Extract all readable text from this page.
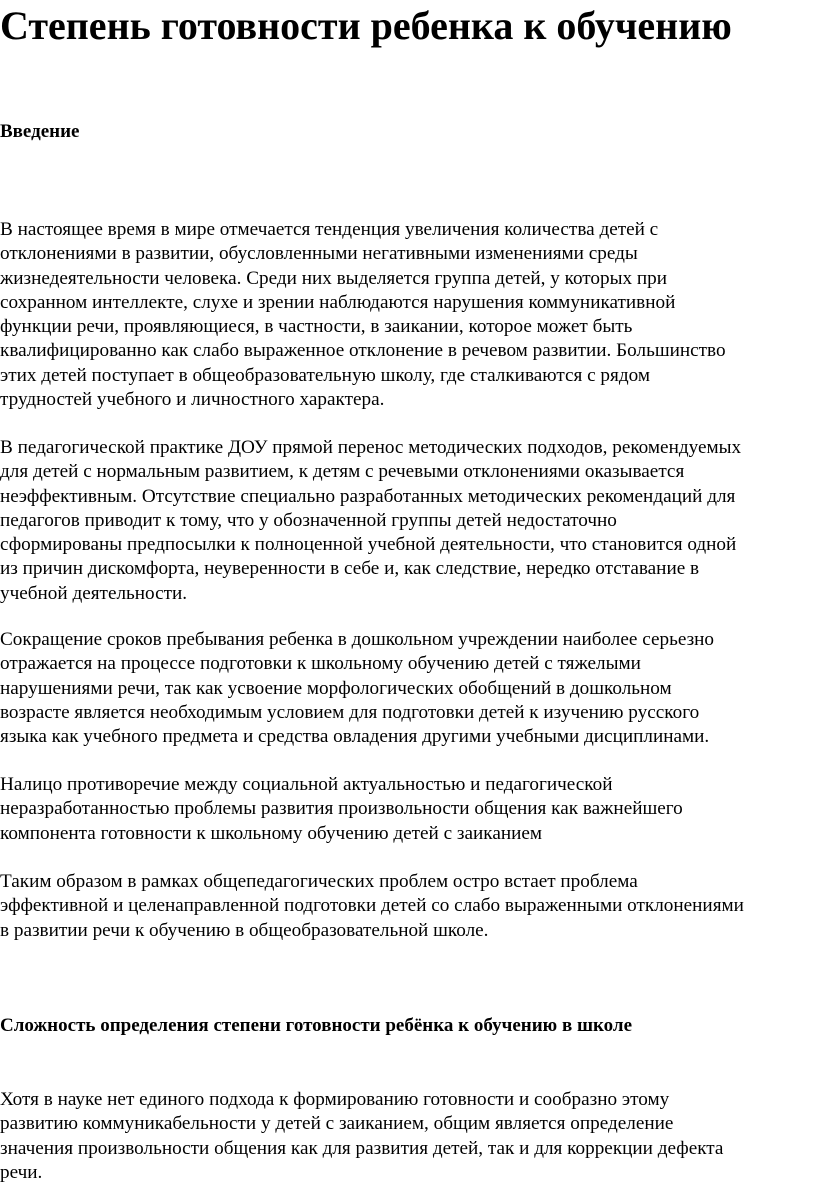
Степень готовности ребенка к обучению
Введение

В настоящее время в мире отмечается тенденция увеличения количества детей с
отклонениями в развитии, обусловленными негативными изменениями среды
жизнедеятельности человека. Среди них выделяется группа детей, у которых при
сохранном интеллекте, слухе и зрении наблюдаются нарушения коммуникативной
функции речи, проявляющиеся, в частности, в заикании, которое может быть
квалифицированно как слабо выраженное отклонение в речевом развитии. Большинство
этих детей поступает в общеобразовательную школу, где сталкиваются с рядом
трудностей учебного и личностного характера.

В педагогической практике ДОУ прямой перенос методических подходов, рекомендуемых
для детей с нормальным развитием, к детям с речевыми отклонениями оказывается
неэффективным. Отсутствие специально разработанных методических рекомендаций для
педагогов приводит к тому, что у обозначенной группы детей недостаточно
сформированы предпосылки к полноценной учебной деятельности, что становится одной
из причин дискомфорта, неуверенности в себе и, как следствие, нередко отставание в
учебной деятельности.

Сокращение сроков пребывания ребенка в дошкольном учреждении наиболее серьезно
отражается на процессе подготовки к школьному обучению детей с тяжелыми
нарушениями речи, так как усвоение морфологических обобщений в дошкольном
возрасте является необходимым условием для подготовки детей к изучению русского
языка как учебного предмета и средства овладения другими учебными дисциплинами.

Налицо противоречие между социальной актуальностью и педагогической
неразработанностью проблемы развития произвольности общения как важнейшего
компонента готовности к школьному обучению детей с заиканием

Таким образом в рамках общепедагогических проблем остро встает проблема
эффективной и целенаправленной подготовки детей со слабо выраженными отклонениями
в развитии речи к обучению в общеобразовательной школе.

Сложность определения степени готовности ребёнка к обучению в школе

Хотя в науке нет единого подхода к формированию готовности и сообразно этому
развитию коммуникабельности у детей с заиканием, общим является определение
значения произвольности общения как для развития детей, так и для коррекции дефекта
речи.
